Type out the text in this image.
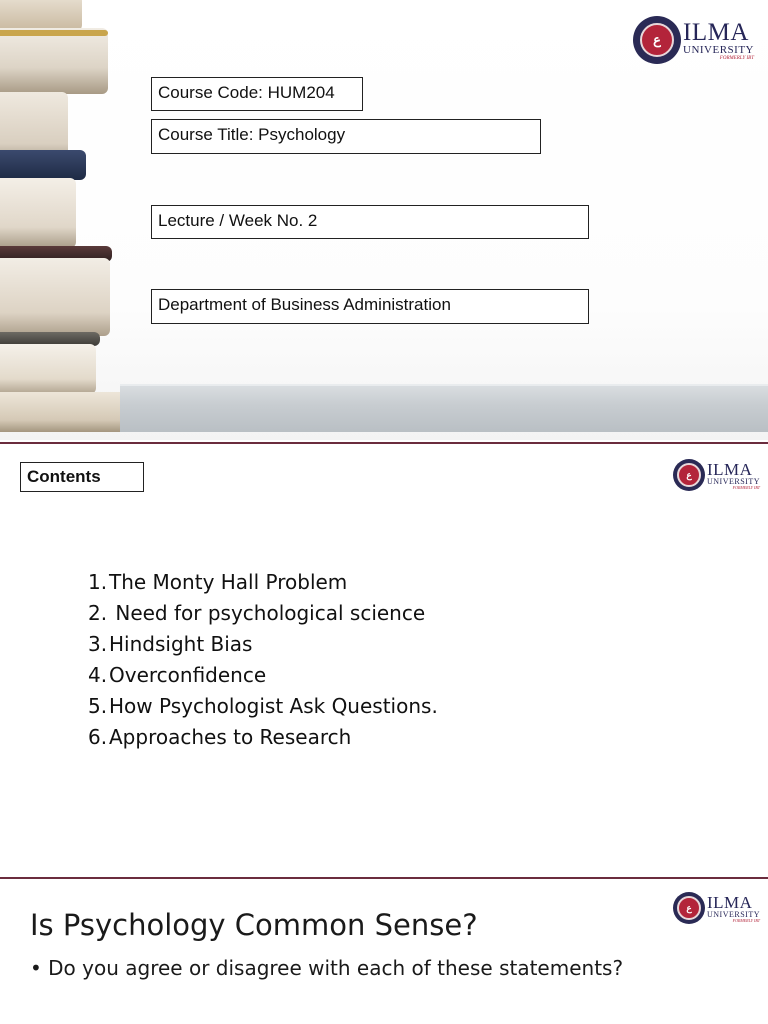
ع ILMA
UNIVERSITY
FORMERLY IBT
Course Code: HUM204
Course Title: Psychology
Lecture / Week No. 2
Department of Business Administration
Contents	ع ILMA
UNIVERSITY
FORMERLY IBT
1. The Monty Hall Problem
2. Need for psychological science
3. Hindsight Bias
4. Overconfidence
5. How Psychologist Ask Questions.
6. Approaches to Research
ع ILMA
UNIVERSITY
FORMERLY IBT
Is Psychology Common Sense?
• Do you agree or disagree with each of these statements?
